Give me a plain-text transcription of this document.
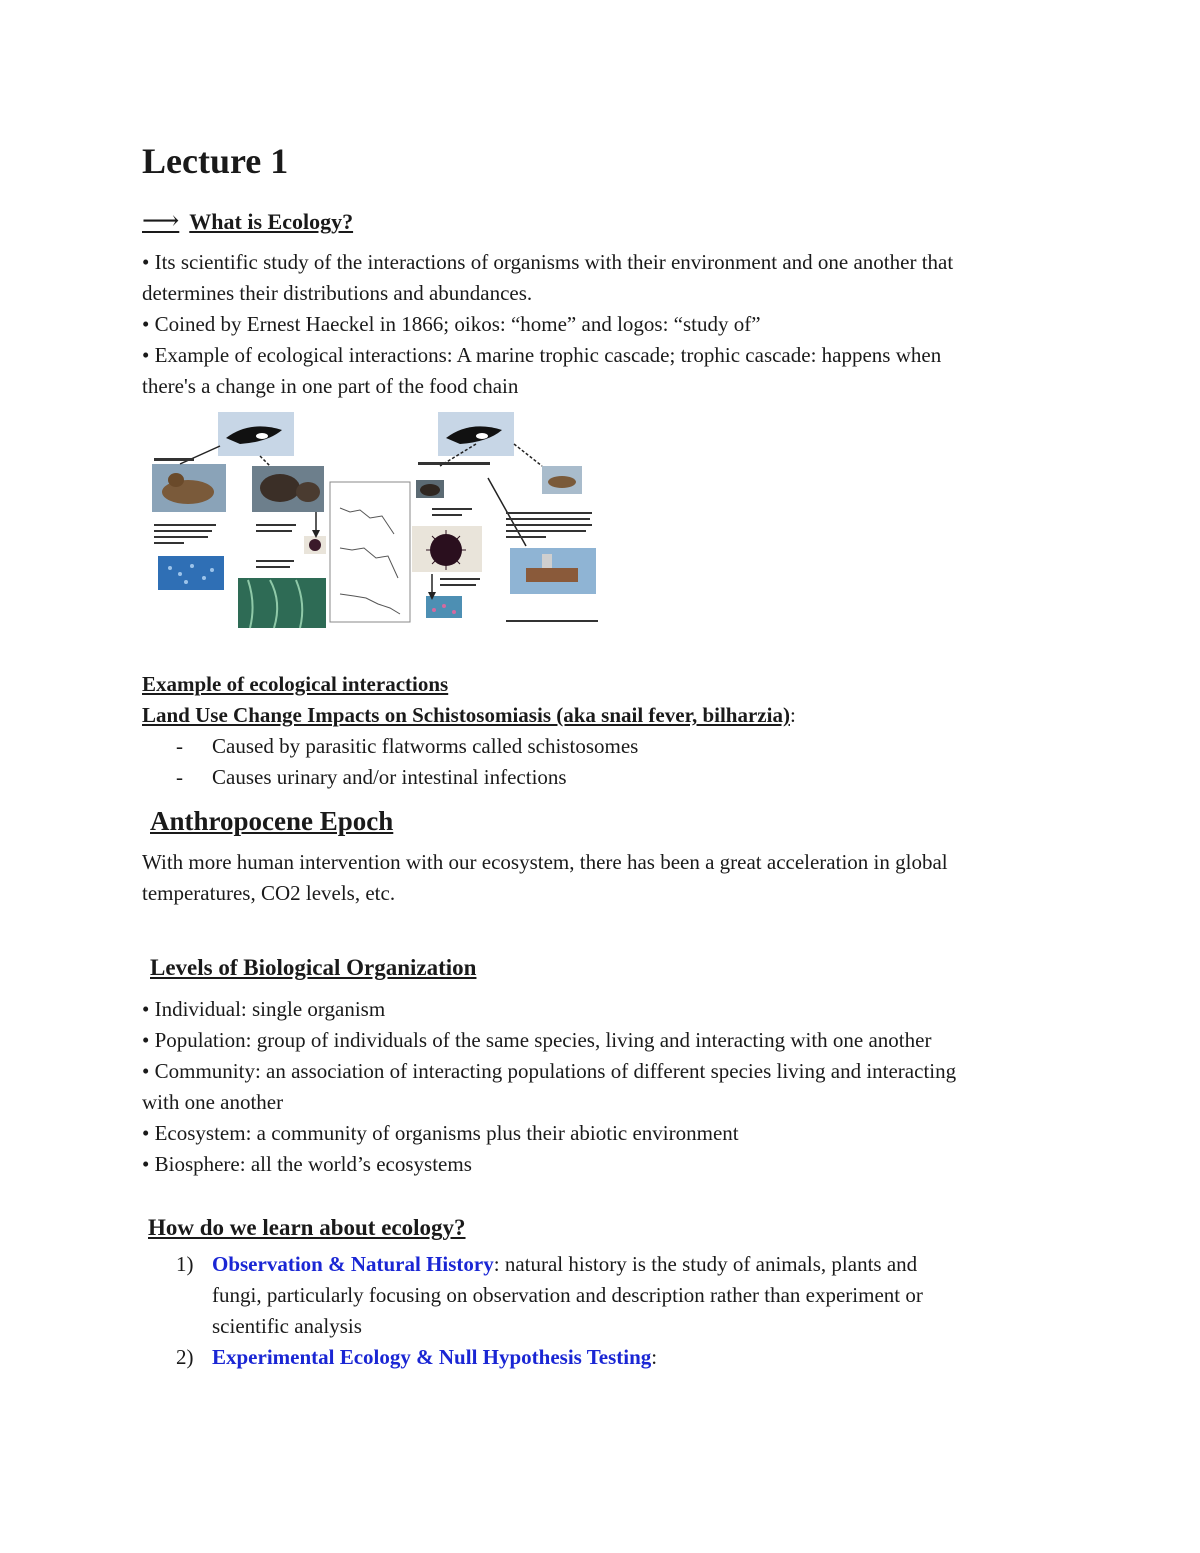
Lecture 1
⟶ What is Ecology?
• Its scientific study of the interactions of organisms with their environment and one another that
determines their distributions and abundances.
• Coined by Ernest Haeckel in 1866; oikos: “home” and logos: “study of”
• Example of ecological interactions: A marine trophic cascade; trophic cascade: happens when
there's a change in one part of the food chain
Example of ecological interactions
Land Use Change Impacts on Schistosomiasis (aka snail fever, bilharzia):
- Caused by parasitic flatworms called schistosomes
- Causes urinary and/or intestinal infections
Anthropocene Epoch
With more human intervention with our ecosystem, there has been a great acceleration in global
temperatures, CO2 levels, etc.
Levels of Biological Organization
• Individual: single organism
• Population: group of individuals of the same species, living and interacting with one another
• Community: an association of interacting populations of different species living and interacting
with one another
• Ecosystem: a community of organisms plus their abiotic environment
• Biosphere: all the world’s ecosystems
How do we learn about ecology?
1) Observation & Natural History: natural history is the study of animals, plants and
fungi, particularly focusing on observation and description rather than experiment or
scientific analysis
2) Experimental Ecology & Null Hypothesis Testing:
